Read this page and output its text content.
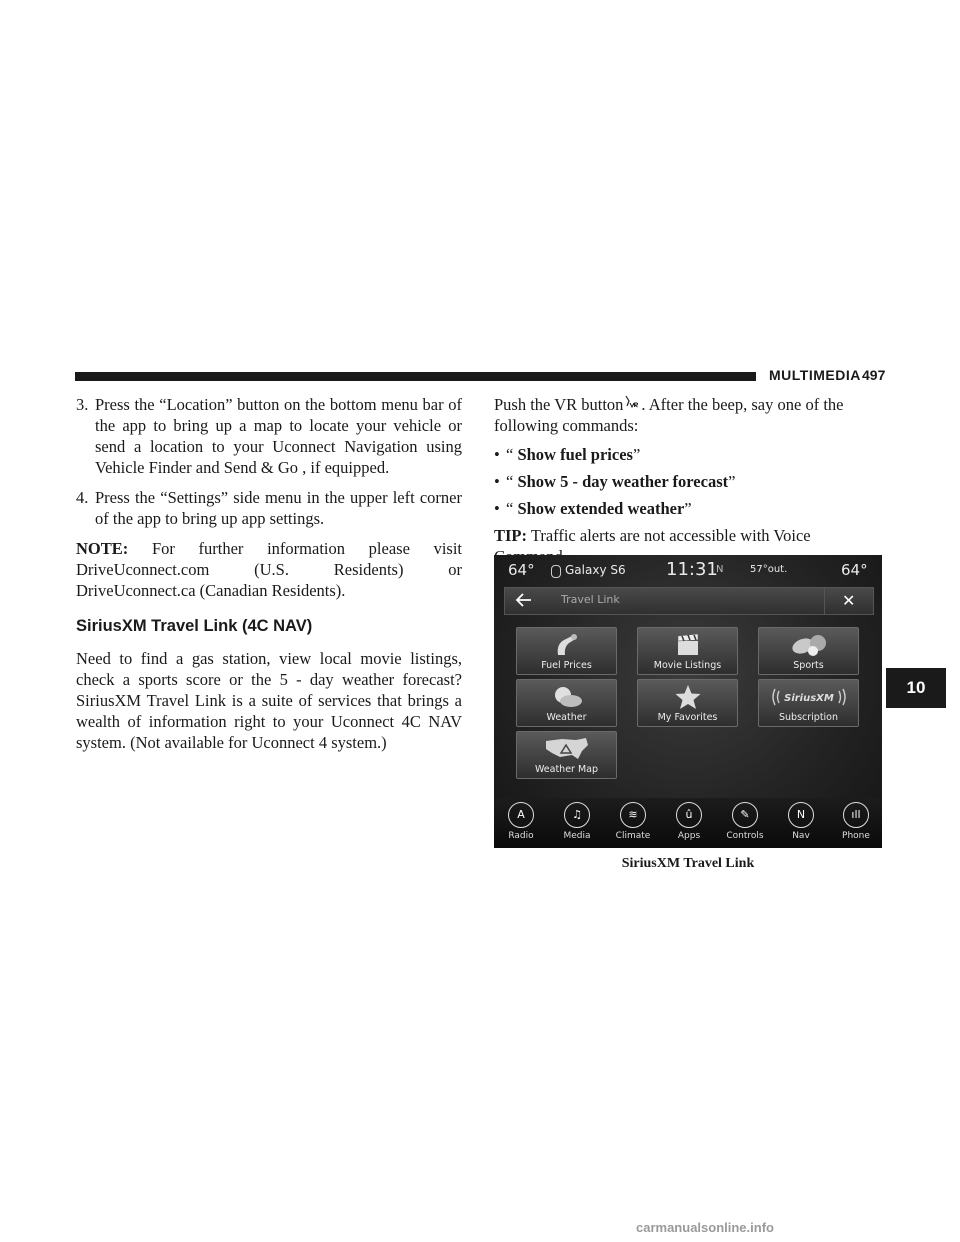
MULTIMEDIA 497
3. Press the “Location” button on the bottom menu bar of the app to bring up a map to locate your vehicle or send a location to your Uconnect Navigation using Vehicle Finder and Send & Go , if equipped.
4. Press the “Settings” side menu in the upper left corner of the app to bring up app settings.
NOTE: For further information please visit
DriveUconnect.com (U.S. Residents) or DriveUconnect.ca (Canadian Residents).
SiriusXM Travel Link (4C NAV)

Need to find a gas station, view local movie listings, check a sports score or the 5 - day weather forecast? SiriusXM Travel Link is a suite of services that brings a wealth of information right to your Uconnect 4C NAV system. (Not available for Uconnect 4 system.)

Push the VR button . After the beep, say one of the following commands:

• “ Show fuel prices”
• “ Show 5 - day weather forecast”
• “ Show extended weather”

TIP: Traffic alerts are not accessible with Voice

64°	Galaxy S6 11:31
N	57°out.	64°
Travel Link	✕
Fuel Prices	Movie Listings	Sports
Weather	My Favorites
SiriusXM
Subscription
Weather Map
A
Radio
♫
Media
≋
Climate
û
Apps
✎
Controls
N
Nav
ıll
Phone
SiriusXM Travel Link
10
carmanualsonline.info
